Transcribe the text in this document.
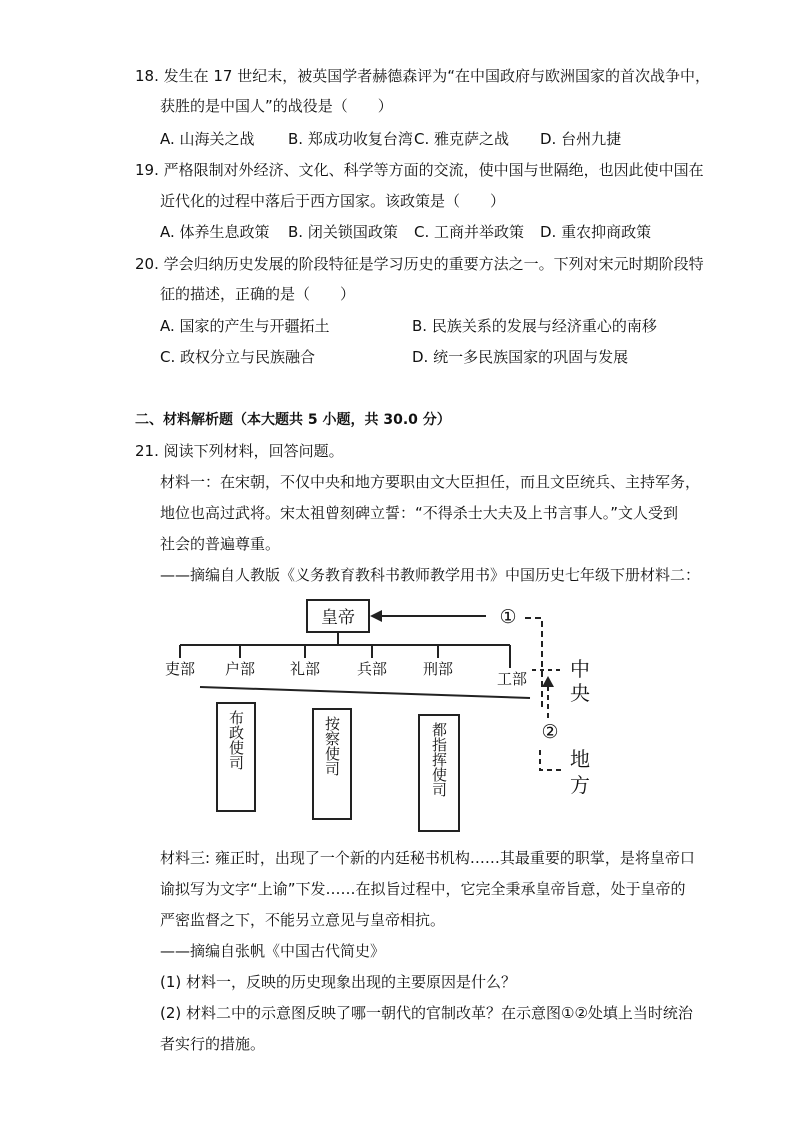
18. 发生在 17 世纪末，被英国学者赫德森评为“在中国政府与欧洲国家的首次战争中，
获胜的是中国人”的战役是（　　）
A. 山海关之战 B. 郑成功收复台湾 C. 雅克萨之战 D. 台州九捷
19. 严格限制对外经济、文化、科学等方面的交流，使中国与世隔绝，也因此使中国在
近代化的过程中落后于西方国家。该政策是（　　）
A. 体养生息政策 B. 闭关锁国政策 C. 工商并举政策 D. 重农抑商政策
20. 学会归纳历史发展的阶段特征是学习历史的重要方法之一。下列对宋元时期阶段特
征的描述，正确的是（　　）
A. 国家的产生与开疆拓土	B. 民族关系的发展与经济重心的南移
C. 政权分立与民族融合	D. 统一多民族国家的巩固与发展
二、材料解析题（本大题共 5 小题，共 30.0 分）
21. 阅读下列材料，回答问题。
材料一：在宋朝，不仅中央和地方要职由文大臣担任，而且文臣统兵、主持军务，
地位也高过武将。宋太祖曾刻碑立誓：“不得杀士大夫及上书言事人。”文人受到
社会的普遍尊重。
——摘编自人教版《义务教育教科书教师教学用书》中国历史七年级下册材料二：
皇帝	①
吏部 户部 礼部 兵部 刑部
工部 中
央
②
地
方
布政使司	按察使司	都指挥使司
材料三: 雍正时，出现了一个新的内廷秘书机构……其最重要的职掌，是将皇帝口
谕拟写为文字“上谕”下发……在拟旨过程中，它完全秉承皇帝旨意，处于皇帝的
严密监督之下，不能另立意见与皇帝相抗。
——摘编自张帆《中国古代简史》
(1) 材料一，反映的历史现象出现的主要原因是什么？
(2) 材料二中的示意图反映了哪一朝代的官制改革？在示意图①②处填上当时统治
者实行的措施。
